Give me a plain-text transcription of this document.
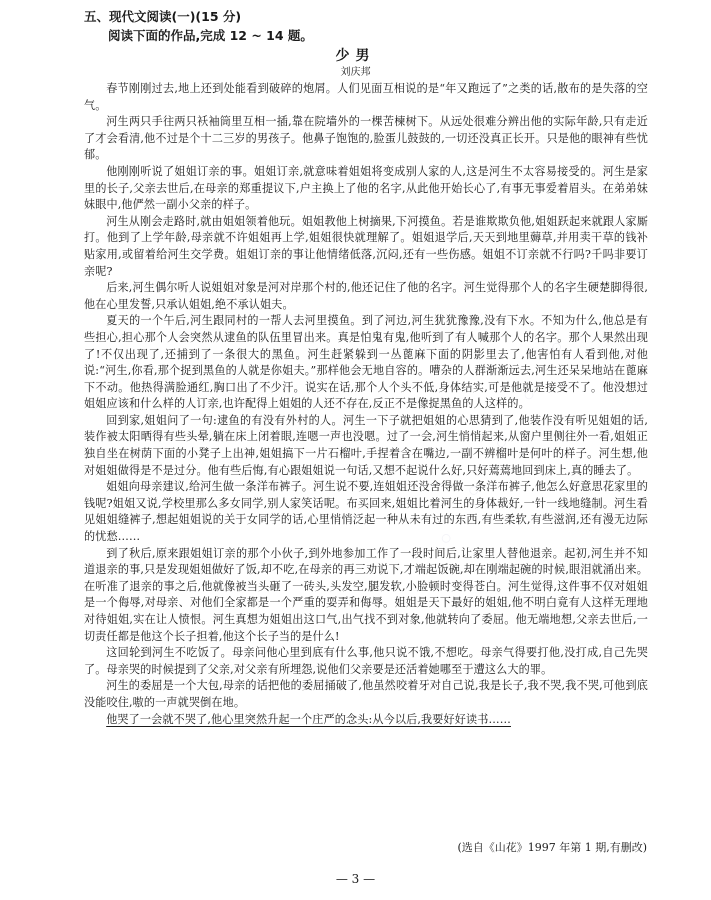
◦ ◦ ◦ ◦ ◦
五、现代文阅读(一)(15 分)
阅读下面的作品,完成 12 ~ 14 题。
少男
刘庆邦

春节刚刚过去,地上还到处能看到破碎的炮屑。人们见面互相说的是“年又跑远了”之类的话,散布的是失落的空气。

河生两只手往两只袄袖筒里互相一插,靠在院墙外的一棵苦楝树下。从远处很难分辨出他的实际年龄,只有走近了才会看清,他不过是个十二三岁的男孩子。他鼻子饱饱的,脸蛋儿鼓鼓的,一切还没真正长开。只是他的眼神有些忧郁。

他刚刚听说了姐姐订亲的事。姐姐订亲,就意味着姐姐将变成别人家的人,这是河生不太容易接受的。河生是家里的长子,父亲去世后,在母亲的郑重提议下,户主换上了他的名字,从此他开始长心了,有事无事爱着眉头。在弟弟妹妹眼中,他俨然一副小父亲的样子。

河生从刚会走路时,就由姐姐领着他玩。姐姐教他上树摘果,下河摸鱼。若是谁欺欺负他,姐姐跃起来就跟人家厮打。他到了上学年龄,母亲就不许姐姐再上学,姐姐很快就理解了。姐姐退学后,天天到地里薅草,并用卖干草的钱补贴家用,或留着给河生交学费。姐姐订亲的事让他情绪低落,沉闷,还有一些伤感。姐姐不订亲就不行吗?千吗非要订亲呢?

后来,河生偶尔听人说姐姐对象是河对岸那个村的,他还记住了他的名字。河生觉得那个人的名字生硬楚脚得很,他在心里发誓,只承认姐姐,绝不承认姐夫。

夏天的一个午后,河生跟同村的一帮人去河里摸鱼。到了河边,河生犹犹豫豫,没有下水。不知为什么,他总是有些担心,担心那个人会突然从逮鱼的队伍里冒出来。真是怕鬼有鬼,他听到了有人喊那个人的名字。那个人果然出现了!不仅出现了,还捕到了一条很大的黑鱼。河生赶紧躲到一丛蓖麻下面的阴影里去了,他害怕有人看到他,对他说:“河生,你看,那个捉到黑鱼的人就是你姐夫。”那样他会无地自容的。嘈杂的人群渐渐远去,河生还呆呆地站在蓖麻下不动。他热得满脸通红,胸口出了不少汗。说实在话,那个人个头不低,身体结实,可是他就是接受不了。他没想过姐姐应该和什么样的人订亲,也许配得上姐姐的人还不存在,反正不是像捉黑鱼的人这样的。

回到家,姐姐问了一句:逮鱼的有没有外村的人。河生一下子就把姐姐的心思猜到了,他装作没有听见姐姐的话,装作被太阳晒得有些头晕,躺在床上闭着眼,连嗯一声也没嗯。过了一会,河生悄悄起来,从窗户里侧往外一看,姐姐正独自坐在树荫下面的小凳子上出神,姐姐搞下一片石榴叶,手捏着含在嘴边,一副不辨榴叶是何叶的样子。河生想,他对姐姐做得是不是过分。他有些后悔,有心跟姐姐说一句话,又想不起说什么好,只好蔫蔫地回到床上,真的睡去了。

姐姐向母亲建议,给河生做一条洋布裤子。河生说不要,连姐姐还没舍得做一条洋布裤子,他怎么好意思花家里的钱呢?姐姐又说,学校里那么多女同学,别人家笑话呢。布买回来,姐姐比着河生的身体裁好,一针一线地缝制。河生看见姐姐缝裤子,想起姐姐说的关于女同学的话,心里悄悄泛起一种从未有过的东西,有些柔软,有些滋润,还有漫无边际的忧愁……

到了秋后,原来跟姐姐订亲的那个小伙子,到外地参加工作了一段时间后,让家里人替他退亲。起初,河生并不知道退亲的事,只是发现姐姐做好了饭,却不吃,在母亲的再三劝说下,才端起饭碗,却在刚端起碗的时候,眼泪就涌出来。在听准了退亲的事之后,他就像被当头砸了一砖头,头发空,腿发软,小脸顿时变得苍白。河生觉得,这件事不仅对姐姐是一个侮辱,对母亲、对他们全家都是一个严重的耍弄和侮辱。姐姐是天下最好的姐姐,他不明白竟有人这样无理地对待姐姐,实在让人愤恨。河生真想为姐姐出这口气,出气找不到对象,他就转向了委屈。他无端地想,父亲去世后,一切责任都是他这个长子担着,他这个长子当的是什么!

这回轮到河生不吃饭了。母亲问他心里到底有什么事,他只说不饿,不想吃。母亲气得要打他,没打成,自己先哭了。母亲哭的时候提到了父亲,对父亲有所埋怨,说他们父亲要是还活着她哪至于遭这么大的罪。

河生的委屈是一个大包,母亲的话把他的委屈捅破了,他虽然咬着牙对自己说,我是长子,我不哭,我不哭,可他到底没能咬住,嗷的一声就哭倒在地。

他哭了一会就不哭了,他心里突然升起一个庄严的念头:从今以后,我要好好读书……

(选自《山花》1997 年第 1 期,有删改)
— 3 —
